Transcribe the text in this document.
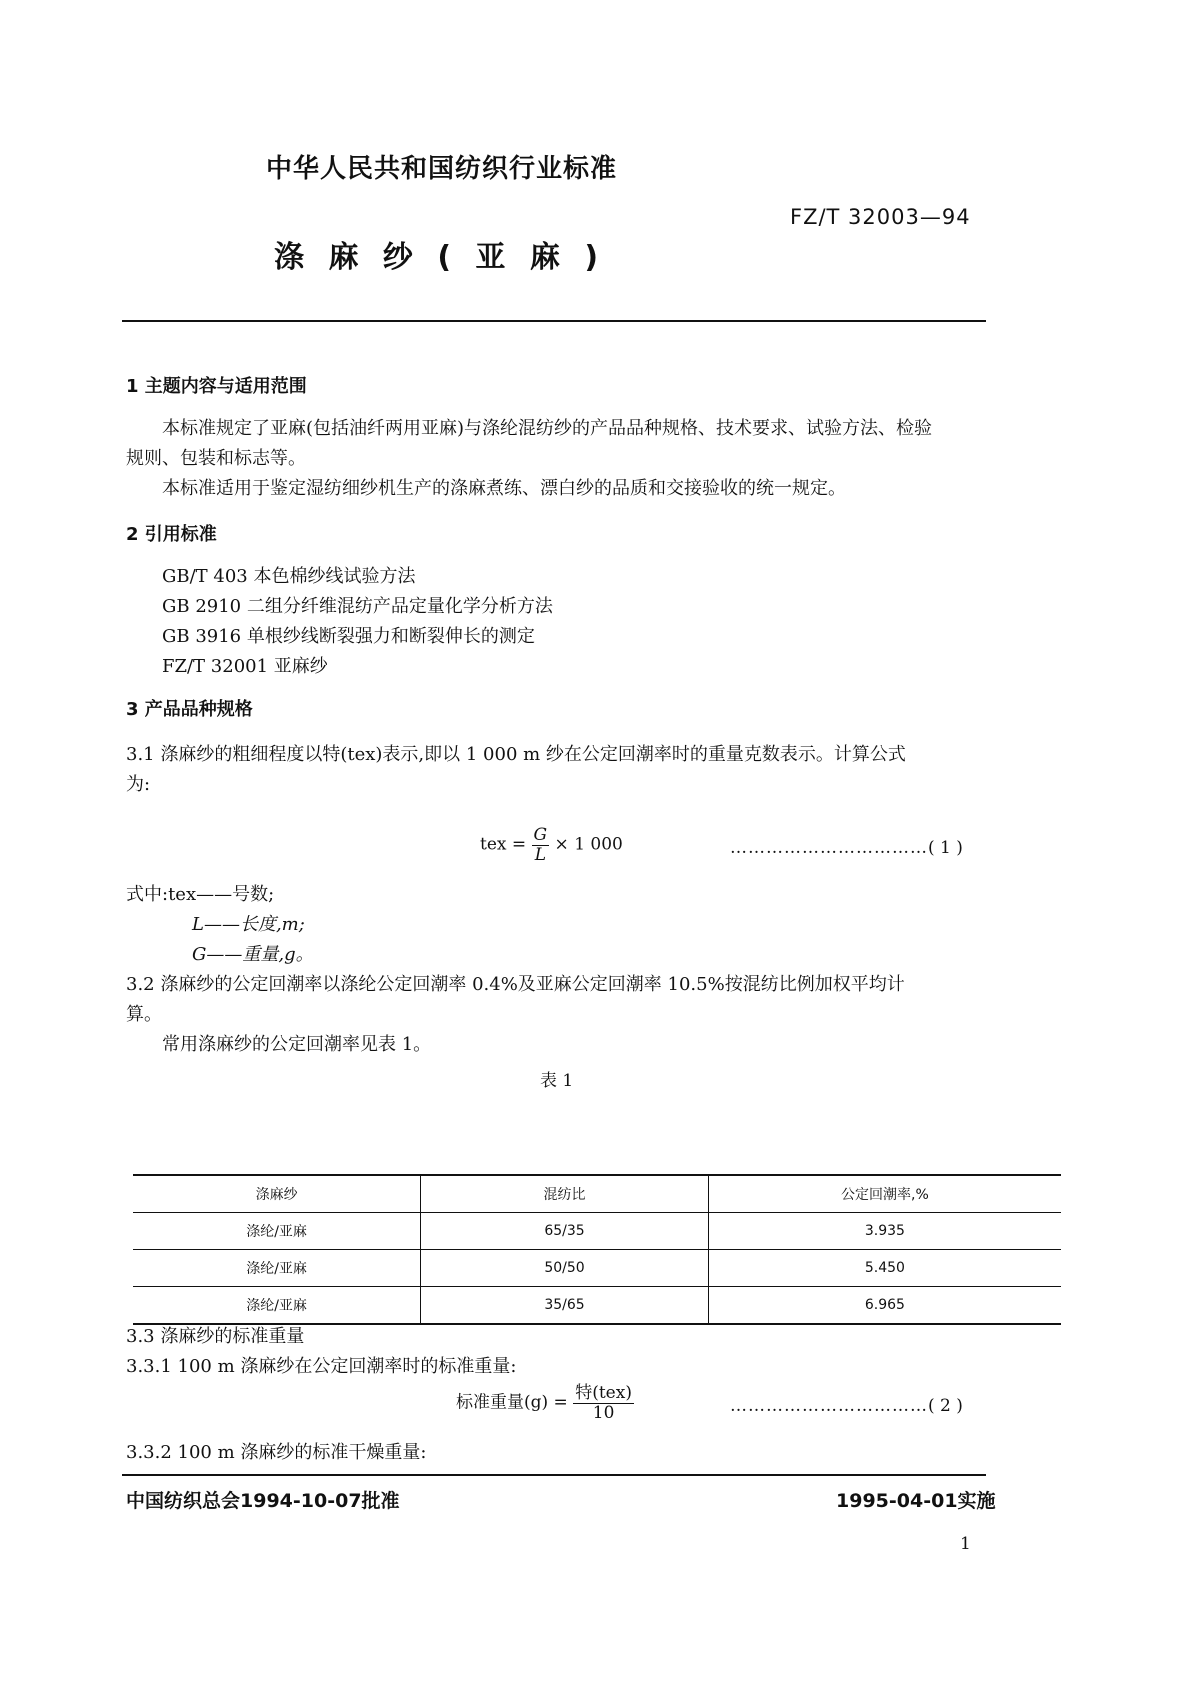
中华人民共和国纺织行业标准
FZ/T 32003—94
涤 麻 纱 ( 亚 麻 )
1 主题内容与适用范围
本标准规定了亚麻(包括油纤两用亚麻)与涤纶混纺纱的产品品种规格、技术要求、试验方法、检验
规则、包装和标志等。
本标准适用于鉴定湿纺细纱机生产的涤麻煮练、漂白纱的品质和交接验收的统一规定。
2 引用标准
GB/T 403 本色棉纱线试验方法
GB 2910 二组分纤维混纺产品定量化学分析方法
GB 3916 单根纱线断裂强力和断裂伸长的测定
FZ/T 32001 亚麻纱
3 产品品种规格
3.1 涤麻纱的粗细程度以特(tex)表示,即以 1 000 m 纱在公定回潮率时的重量克数表示。计算公式
为:
tex = $\frac{G}{L} \times 1$ 000	……………………………( 1 )
式中:tex——号数;
L——长度,m;
G——重量,g。
3.2 涤麻纱的公定回潮率以涤纶公定回潮率 0.4%及亚麻公定回潮率 10.5%按混纺比例加权平均计
算。
常用涤麻纱的公定回潮率见表 1。
表 1
涤麻纱	混纺比	公定回潮率,%
涤纶/亚麻	65/35	3.935
涤纶/亚麻	50/50	5.450
涤纶/亚麻	35/65	6.965
3.3 涤麻纱的标准重量
3.3.1 100 m 涤麻纱在公定回潮率时的标准重量:
标准重量$(g) = \frac{\text{特(tex)}}{10}$	……………………………( 2 )
3.3.2 100 m 涤麻纱的标准干燥重量:
中国纺织总会1994-10-07批准	1995-04-01实施
1
